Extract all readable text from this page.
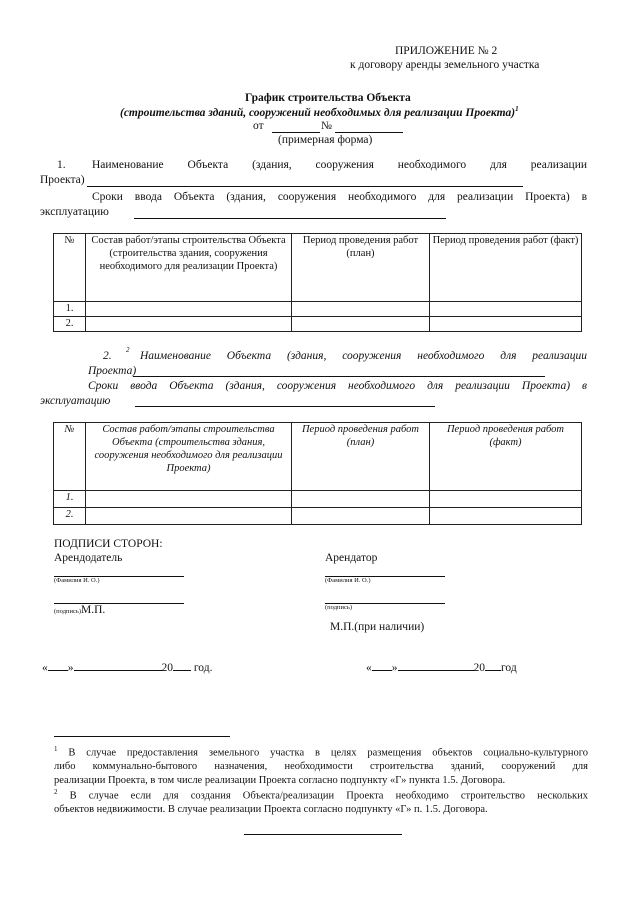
ПРИЛОЖЕНИЕ № 2
к договору аренды земельного участка
График строительства Объекта
(строительства зданий, сооружений необходимых для реализации Проекта)$^1$
от	№
(примерная форма)
1. Наименование Объекта (здания, сооружения необходимого для реализации
Проекта)
Сроки ввода Объекта (здания, сооружения необходимого для реализации Проекта) в
эксплуатацию
№	Состав работ/этапы строительства Объекта (строительства здания, сооружения необходимого для реализации Проекта)	Период проведения работ (план)	Период проведения работ (факт)
1.			
2.			
2. $^2$ Наименование Объекта (здания, сооружения необходимого для реализации
Проекта)
Сроки ввода Объекта (здания, сооружения необходимого для реализации Проекта) в
эксплуатацию
№	Состав работ/этапы строительства Объекта (строительства здания, сооружения необходимого для реализации Проекта)	Период проведения работ (план)	Период проведения работ (факт)
1.			
2.			
ПОДПИСИ СТОРОН:
Арендодатель	Арендатор
(Фамилия И. О.)	(Фамилия И. О.)
(подпись)М.П.	(подпись)
М.П.(при наличии)
« »	20 год.	« »	20 год
$^1$ В случае предоставления земельного участка в целях размещения объектов социально-культурного
либо коммунально-бытового назначения, необходимости строительства зданий, сооружений для
реализации Проекта, в том числе реализации Проекта согласно подпункту «Г» пункта 1.5. Договора.
$^2$ В случае если для создания Объекта/реализации Проекта необходимо строительство нескольких
объектов недвижимости. В случае реализации Проекта согласно подпункту «Г» п. 1.5. Договора.
